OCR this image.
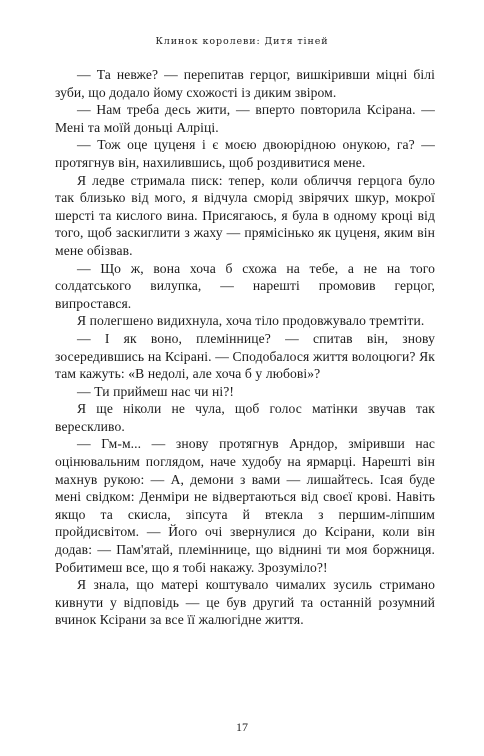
Клинок королеви: Дитя тіней

— Та невже? — перепитав герцог, вишкіривши міцні білі зуби, що додало йому схожості із диким звіром.

— Нам треба десь жити, — вперто повторила Ксірана. — Мені та моїй доньці Алріці.

— Тож оце цуценя і є моєю двоюрідною онукою, га? — протягнув він, нахилившись, щоб роздивитися мене.

Я ледве стримала писк: тепер, коли обличчя герцога було так близько від мого, я відчула сморід звірячих шкур, мокрої шерсті та кислого вина. Присягаюсь, я була в одному кроці від того, щоб заскиглити з жаху — прямісінько як цуценя, яким він мене обізвав.

— Що ж, вона хоча б схожа на тебе, а не на того солдатського вилупка, — нарешті промовив герцог, випростався.

Я полегшено видихнула, хоча тіло продовжувало тремтіти.

— І як воно, племіннице? — спитав він, знову зосередившись на Ксірані. — Сподобалося життя волоцюги? Як там кажуть: «В недолі, але хоча б у любові»?

— Ти приймеш нас чи ні?!

Я ще ніколи не чула, щоб голос матінки звучав так верескливо.

— Гм-м... — знову протягнув Арндор, зміривши нас оцінювальним поглядом, наче худобу на ярмарці. Нарешті він махнув рукою: — А, демони з вами — лишайтесь. Ісая буде мені свідком: Денміри не відвертаються від своєї крові. Навіть якщо та скисла, зіпсута й втекла з першим-ліпшим пройдисвітом. — Його очі звернулися до Ксірани, коли він додав: — Пам'ятай, племіннице, що віднині ти моя боржниця. Робитимеш все, що я тобі накажу. Зрозуміло?!

Я знала, що матері коштувало чималих зусиль стримано кивнути у відповідь — це був другий та останній розумний вчинок Ксірани за все її жалюгідне життя.

17
